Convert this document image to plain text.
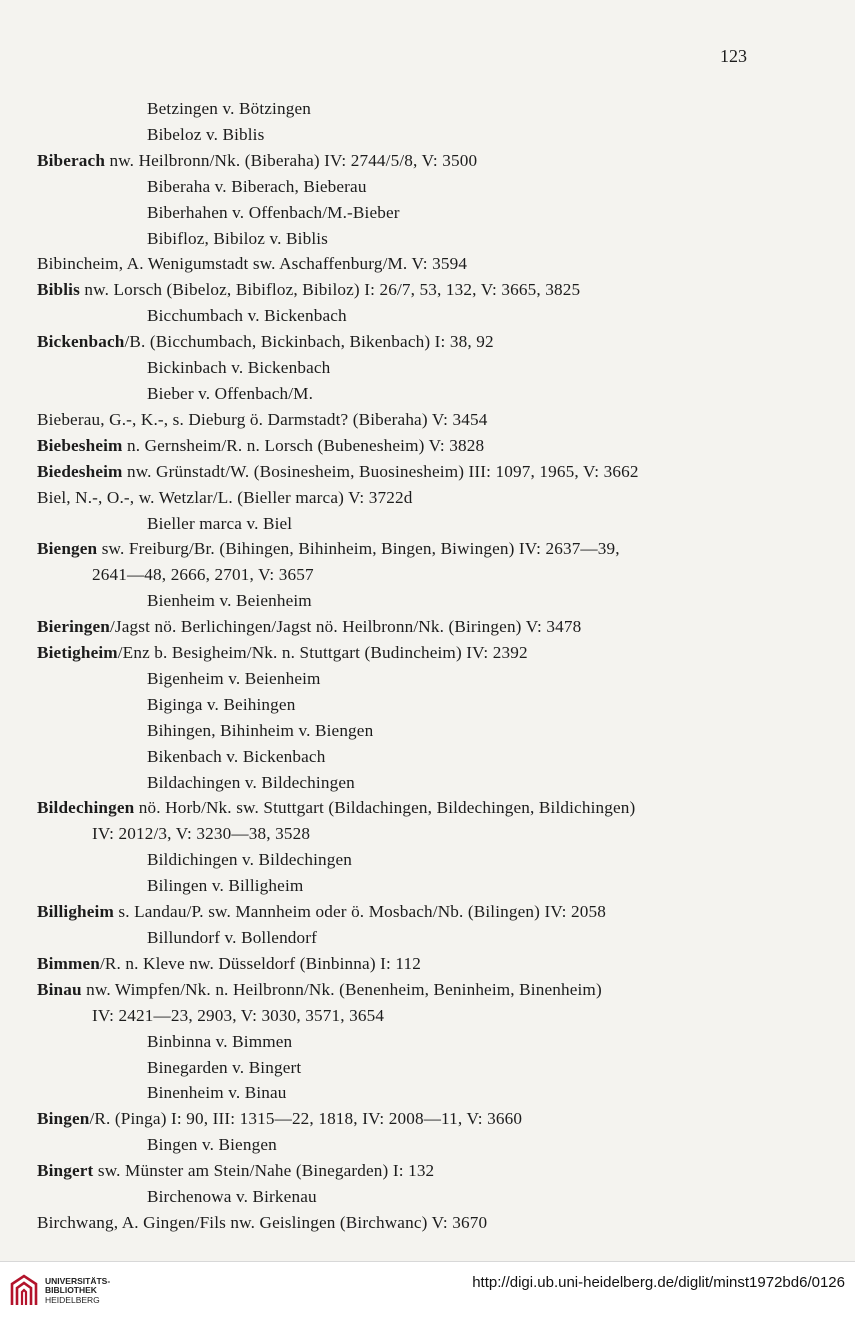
123
Betzingen v. Bötzingen
Bibeloz v. Biblis
Biberach nw. Heilbronn/Nk. (Biberaha) IV: 2744/5/8, V: 3500
Biberaha v. Biberach, Bieberau
Biberhahen v. Offenbach/M.-Bieber
Bibifloz, Bibiloz v. Biblis
Bibincheim, A. Wenigumstadt sw. Aschaffenburg/M. V: 3594
Biblis nw. Lorsch (Bibeloz, Bibifloz, Bibiloz) I: 26/7, 53, 132, V: 3665, 3825
Bicchumbach v. Bickenbach
Bickenbach/B. (Bicchumbach, Bickinbach, Bikenbach) I: 38, 92
Bickinbach v. Bickenbach
Bieber v. Offenbach/M.
Bieberau, G.-, K.-, s. Dieburg ö. Darmstadt? (Biberaha) V: 3454
Biebesheim n. Gernsheim/R. n. Lorsch (Bubenesheim) V: 3828
Biedesheim nw. Grünstadt/W. (Bosinesheim, Buosinesheim) III: 1097, 1965, V: 3662
Biel, N.-, O.-, w. Wetzlar/L. (Bieller marca) V: 3722d
Bieller marca v. Biel
Biengen sw. Freiburg/Br. (Bihingen, Bihinheim, Bingen, Biwingen) IV: 2637—39,
2641—48, 2666, 2701, V: 3657
Bienheim v. Beienheim
Bieringen/Jagst nö. Berlichingen/Jagst nö. Heilbronn/Nk. (Biringen) V: 3478
Bietigheim/Enz b. Besigheim/Nk. n. Stuttgart (Budincheim) IV: 2392
Bigenheim v. Beienheim
Biginga v. Beihingen
Bihingen, Bihinheim v. Biengen
Bikenbach v. Bickenbach
Bildachingen v. Bildechingen
Bildechingen nö. Horb/Nk. sw. Stuttgart (Bildachingen, Bildechingen, Bildichingen)
IV: 2012/3, V: 3230—38, 3528
Bildichingen v. Bildechingen
Bilingen v. Billigheim
Billigheim s. Landau/P. sw. Mannheim oder ö. Mosbach/Nb. (Bilingen) IV: 2058
Billundorf v. Bollendorf
Bimmen/R. n. Kleve nw. Düsseldorf (Binbinna) I: 112
Binau nw. Wimpfen/Nk. n. Heilbronn/Nk. (Benenheim, Beninheim, Binenheim)
IV: 2421—23, 2903, V: 3030, 3571, 3654
Binbinna v. Bimmen
Binegarden v. Bingert
Binenheim v. Binau
Bingen/R. (Pinga) I: 90, III: 1315—22, 1818, IV: 2008—11, V: 3660
Bingen v. Biengen
Bingert sw. Münster am Stein/Nahe (Binegarden) I: 132
Birchenowa v. Birkenau
Birchwang, A. Gingen/Fils nw. Geislingen (Birchwanc) V: 3670
UNIVERSITÄTS-
BIBLIOTHEK
HEIDELBERG
http://digi.ub.uni-heidelberg.de/diglit/minst1972bd6/0126
